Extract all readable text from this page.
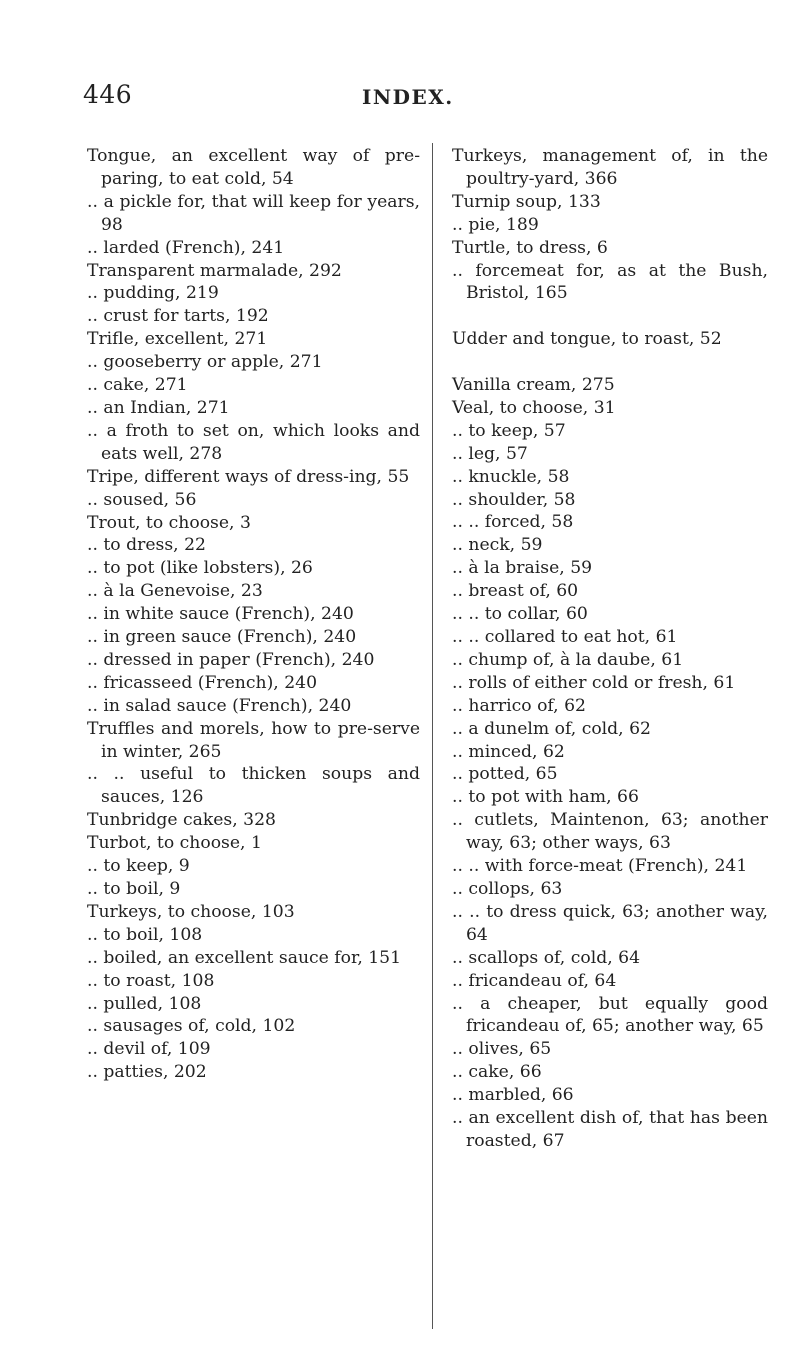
446	INDEX.
Tongue, an excellent way of pre-paring, to eat cold, 54
.. a pickle for, that will keep for years, 98
.. larded (French), 241
Transparent marmalade, 292
.. pudding, 219
.. crust for tarts, 192
Trifle, excellent, 271
.. gooseberry or apple, 271
.. cake, 271
.. an Indian, 271
.. a froth to set on, which looks and eats well, 278
Tripe, different ways of dress-ing, 55
.. soused, 56
Trout, to choose, 3
.. to dress, 22
.. to pot (like lobsters), 26
.. à la Genevoise, 23
.. in white sauce (French), 240
.. in green sauce (French), 240
.. dressed in paper (French), 240
.. fricasseed (French), 240
.. in salad sauce (French), 240
Truffles and morels, how to pre-serve in winter, 265
.. .. useful to thicken soups and sauces, 126
Tunbridge cakes, 328
Turbot, to choose, 1
.. to keep, 9
.. to boil, 9
Turkeys, to choose, 103
.. to boil, 108
.. boiled, an excellent sauce for, 151
.. to roast, 108
.. pulled, 108
.. sausages of, cold, 102
.. devil of, 109
.. patties, 202
Turkeys, management of, in the poultry-yard, 366
Turnip soup, 133
.. pie, 189
Turtle, to dress, 6
.. forcemeat for, as at the Bush, Bristol, 165
Udder and tongue, to roast, 52
Vanilla cream, 275
Veal, to choose, 31
.. to keep, 57
.. leg, 57
.. knuckle, 58
.. shoulder, 58
.. .. forced, 58
.. neck, 59
.. à la braise, 59
.. breast of, 60
.. .. to collar, 60
.. .. collared to eat hot, 61
.. chump of, à la daube, 61
.. rolls of either cold or fresh, 61
.. harrico of, 62
.. a dunelm of, cold, 62
.. minced, 62
.. potted, 65
.. to pot with ham, 66
.. cutlets, Maintenon, 63; another way, 63; other ways, 63
.. .. with force-meat (French), 241
.. collops, 63
.. .. to dress quick, 63; another way, 64
.. scallops of, cold, 64
.. fricandeau of, 64
.. a cheaper, but equally good fricandeau of, 65; another way, 65
.. olives, 65
.. cake, 66
.. marbled, 66
.. an excellent dish of, that has been roasted, 67
